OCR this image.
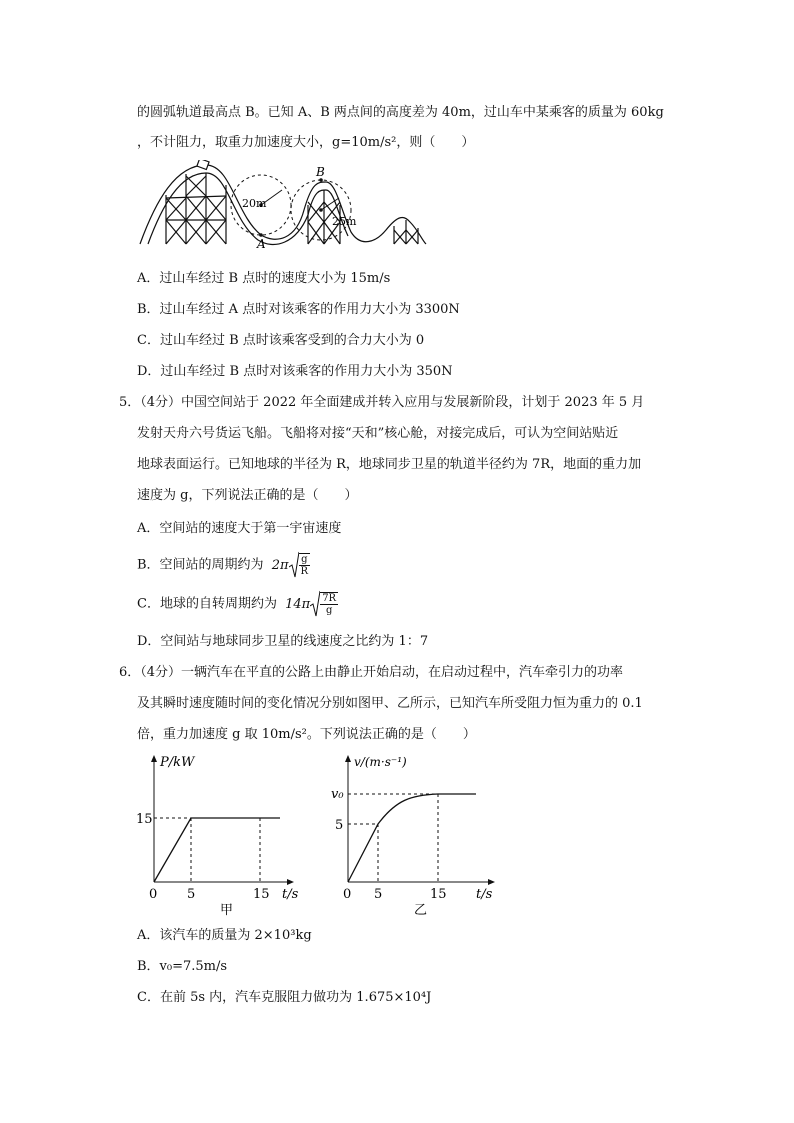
的圆弧轨道最高点 B。已知 A、B 两点间的高度差为 40m，过山车中某乘客的质量为 60kg
，不计阻力，取重力加速度大小，g=10m/s²，则（　　）
20m
25m
A
B
A．过山车经过 B 点时的速度大小为 15m/s
B．过山车经过 A 点时对该乘客的作用力大小为 3300N
C．过山车经过 B 点时该乘客受到的合力大小为 0
D．过山车经过 B 点时对该乘客的作用力大小为 350N
5．（4分）中国空间站于 2022 年全面建成并转入应用与发展新阶段，计划于 2023 年 5 月
发射天舟六号货运飞船。飞船将对接“天和”核心舱，对接完成后，可认为空间站贴近
地球表面运行。已知地球的半径为 R，地球同步卫星的轨道半径约为 7R，地面的重力加
速度为 g，下列说法正确的是（　　）
A．空间站的速度大于第一宇宙速度
B．空间站的周期约为 $2\pi \frac{g}{R}$
C．地球的自转周期约为 $14\pi \frac{7R}{g}$
D．空间站与地球同步卫星的线速度之比约为 1：7
6．（4分）一辆汽车在平直的公路上由静止开始启动，在启动过程中，汽车牵引力的功率
及其瞬时速度随时间的变化情况分别如图甲、乙所示，已知汽车所受阻力恒为重力的 0.1
倍，重力加速度 g 取 10m/s²。下列说法正确的是（　　）
P/kW
15
0 5	15 t/s
甲
v/(m·s⁻¹)
v₀
5
0 5	15 t/s
乙
A．该汽车的质量为 2×10³kg
B．v₀=7.5m/s
C．在前 5s 内，汽车克服阻力做功为 1.675×10⁴J
